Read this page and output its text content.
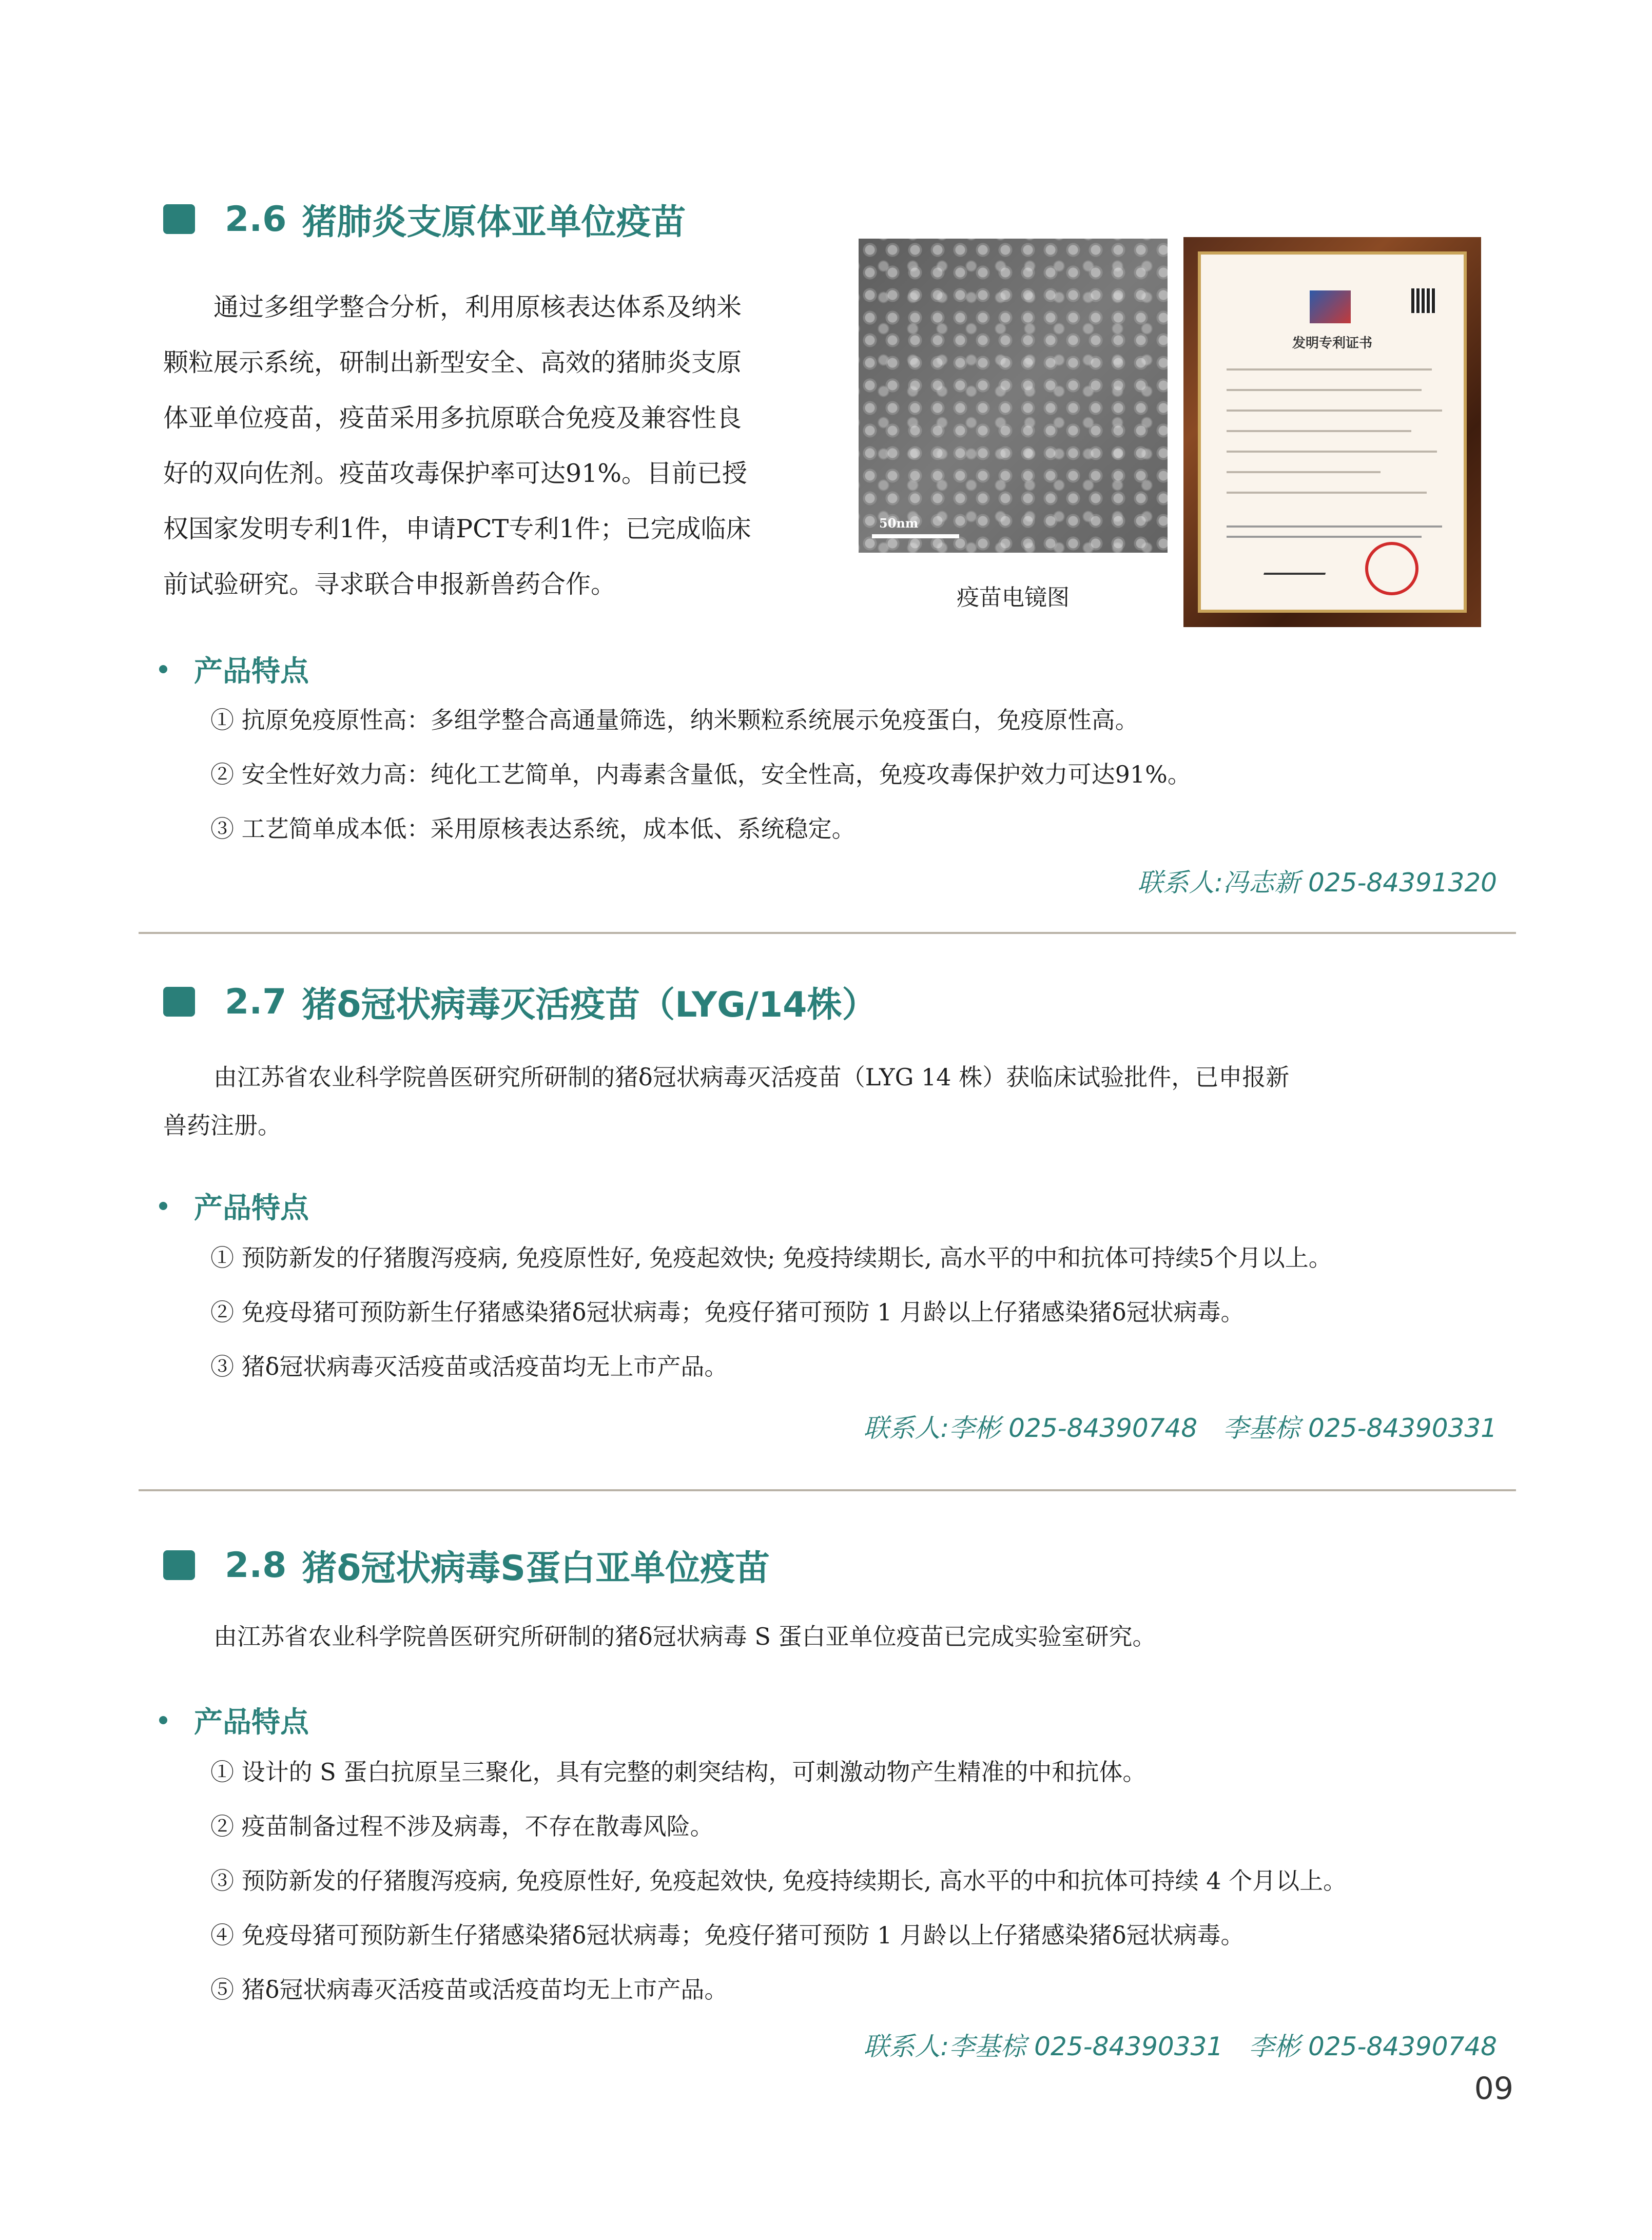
2.6 猪肺炎支原体亚单位疫苗
通过多组学整合分析，利用原核表达体系及纳米
颗粒展示系统，研制出新型安全、高效的猪肺炎支原
体亚单位疫苗，疫苗采用多抗原联合免疫及兼容性良
好的双向佐剂。疫苗攻毒保护率可达91%。目前已授
权国家发明专利1件，申请PCT专利1件；已完成临床
前试验研究。寻求联合申报新兽药合作。
50nm
疫苗电镜图
发明专利证书
产品特点
① 抗原免疫原性高：多组学整合高通量筛选，纳米颗粒系统展示免疫蛋白，免疫原性高。
② 安全性好效力高：纯化工艺简单，内毒素含量低，安全性高，免疫攻毒保护效力可达91%。
③ 工艺简单成本低：采用原核表达系统，成本低、系统稳定。
联系人:冯志新 025-84391320
2.7 猪δ冠状病毒灭活疫苗（LYG/14株）
由江苏省农业科学院兽医研究所研制的猪δ冠状病毒灭活疫苗（LYG 14 株）获临床试验批件，已申报新
兽药注册。
产品特点
① 预防新发的仔猪腹泻疫病, 免疫原性好, 免疫起效快; 免疫持续期长, 高水平的中和抗体可持续5个月以上。
② 免疫母猪可预防新生仔猪感染猪δ冠状病毒；免疫仔猪可预防 1 月龄以上仔猪感染猪δ冠状病毒。
③ 猪δ冠状病毒灭活疫苗或活疫苗均无上市产品。
联系人:李彬 025-84390748　李基棕 025-84390331
2.8 猪δ冠状病毒S蛋白亚单位疫苗
由江苏省农业科学院兽医研究所研制的猪δ冠状病毒 S 蛋白亚单位疫苗已完成实验室研究。
产品特点
① 设计的 S 蛋白抗原呈三聚化，具有完整的刺突结构，可刺激动物产生精准的中和抗体。
② 疫苗制备过程不涉及病毒，不存在散毒风险。
③ 预防新发的仔猪腹泻疫病, 免疫原性好, 免疫起效快, 免疫持续期长, 高水平的中和抗体可持续 4 个月以上。
④ 免疫母猪可预防新生仔猪感染猪δ冠状病毒；免疫仔猪可预防 1 月龄以上仔猪感染猪δ冠状病毒。
⑤ 猪δ冠状病毒灭活疫苗或活疫苗均无上市产品。
联系人:李基棕 025-84390331　李彬 025-84390748
09
